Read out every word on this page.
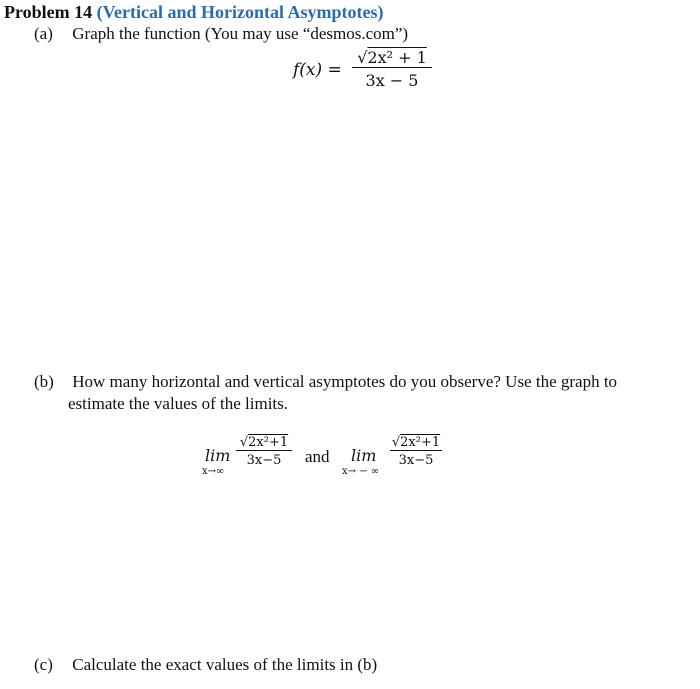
Problem 14 (Vertical and Horizontal Asymptotes)
(a) Graph the function (You may use “desmos.com”)
f(x) =
√2x² + 1
3x − 5
(b) How many horizontal and vertical asymptotes do you observe? Use the graph to
estimate the values of the limits.
lim
x→∞
√2x²+1
3x−5	and lim
x→ − ∞
√2x²+1
3x−5
(c) Calculate the exact values of the limits in (b)
